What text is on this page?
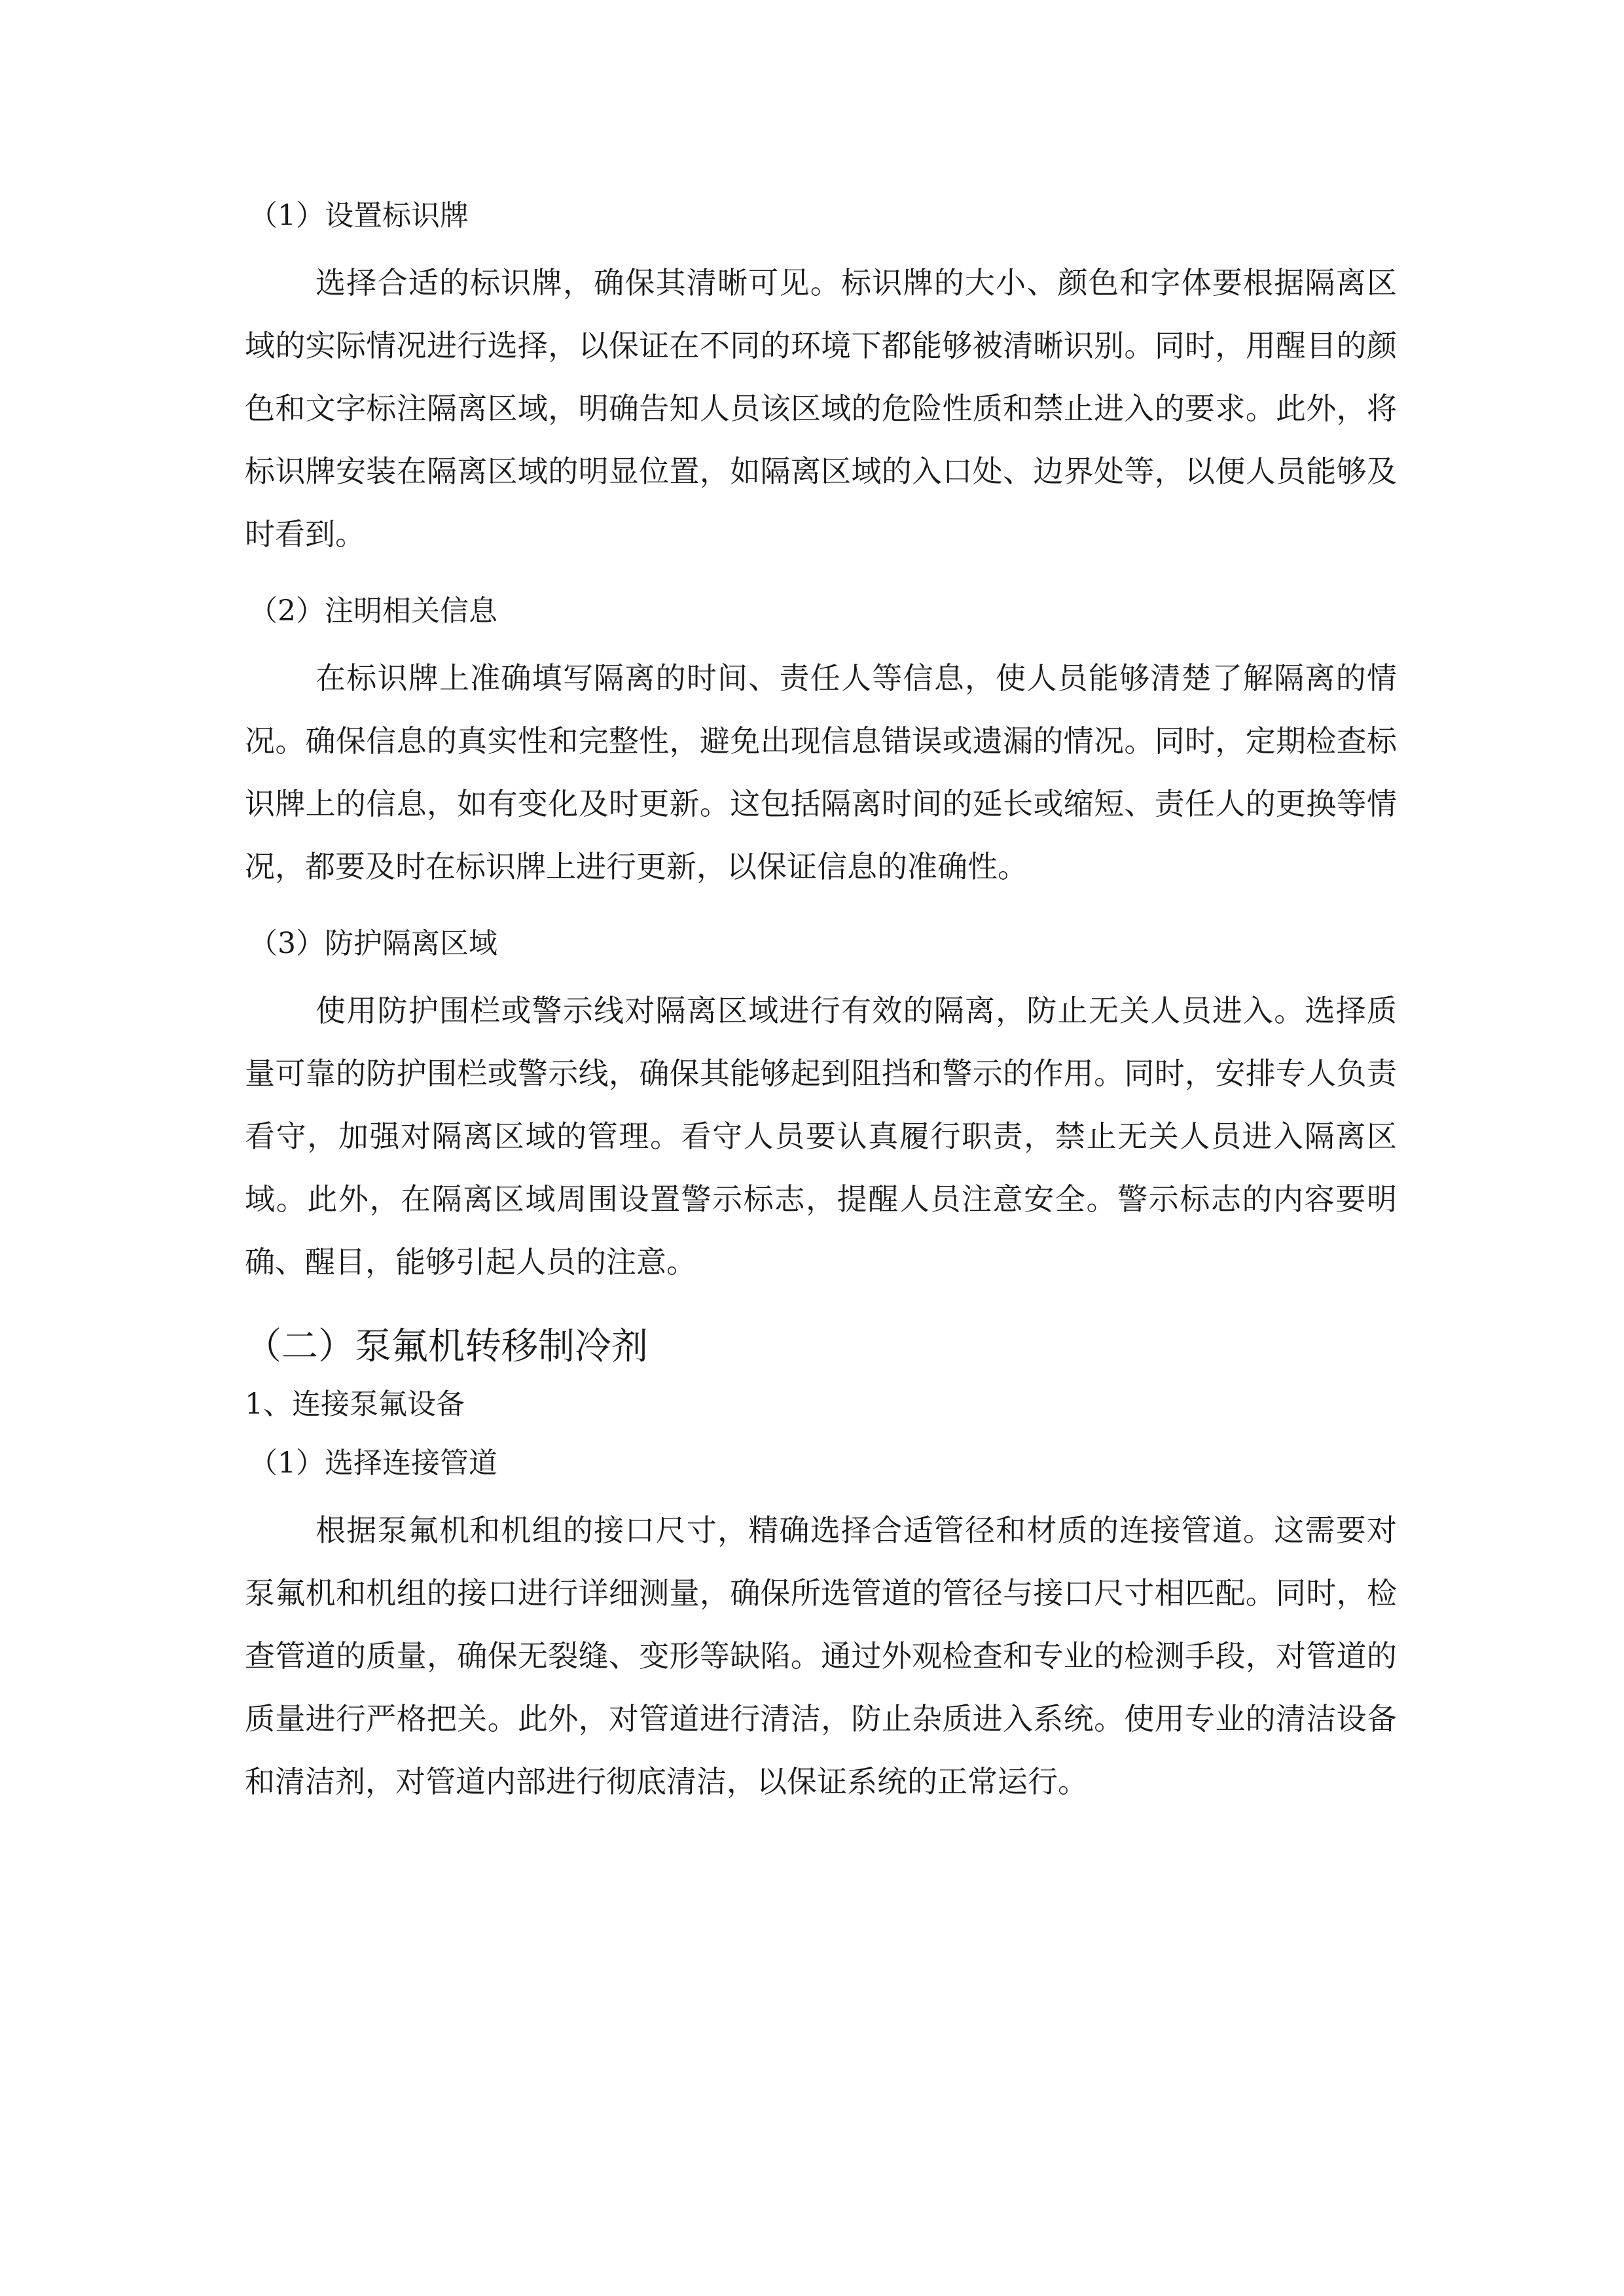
（1）设置标识牌

选择合适的标识牌，确保其清晰可见。标识牌的大小、颜色和字体要根据隔离区域的实际情况进行选择，以保证在不同的环境下都能够被清晰识别。同时，用醒目的颜色和文字标注隔离区域，明确告知人员该区域的危险性质和禁止进入的要求。此外，将标识牌安装在隔离区域的明显位置，如隔离区域的入口处、边界处等，以便人员能够及时看到。

（2）注明相关信息

在标识牌上准确填写隔离的时间、责任人等信息，使人员能够清楚了解隔离的情况。确保信息的真实性和完整性，避免出现信息错误或遗漏的情况。同时，定期检查标识牌上的信息，如有变化及时更新。这包括隔离时间的延长或缩短、责任人的更换等情况，都要及时在标识牌上进行更新，以保证信息的准确性。

（3）防护隔离区域

使用防护围栏或警示线对隔离区域进行有效的隔离，防止无关人员进入。选择质量可靠的防护围栏或警示线，确保其能够起到阻挡和警示的作用。同时，安排专人负责看守，加强对隔离区域的管理。看守人员要认真履行职责，禁止无关人员进入隔离区域。此外，在隔离区域周围设置警示标志，提醒人员注意安全。警示标志的内容要明确、醒目，能够引起人员的注意。

（二）泵氟机转移制冷剂
1、连接泵氟设备
（1）选择连接管道

根据泵氟机和机组的接口尺寸，精确选择合适管径和材质的连接管道。这需要对泵氟机和机组的接口进行详细测量，确保所选管道的管径与接口尺寸相匹配。同时，检查管道的质量，确保无裂缝、变形等缺陷。通过外观检查和专业的检测手段，对管道的质量进行严格把关。此外，对管道进行清洁，防止杂质进入系统。使用专业的清洁设备和清洁剂，对管道内部进行彻底清洁，以保证系统的正常运行。
